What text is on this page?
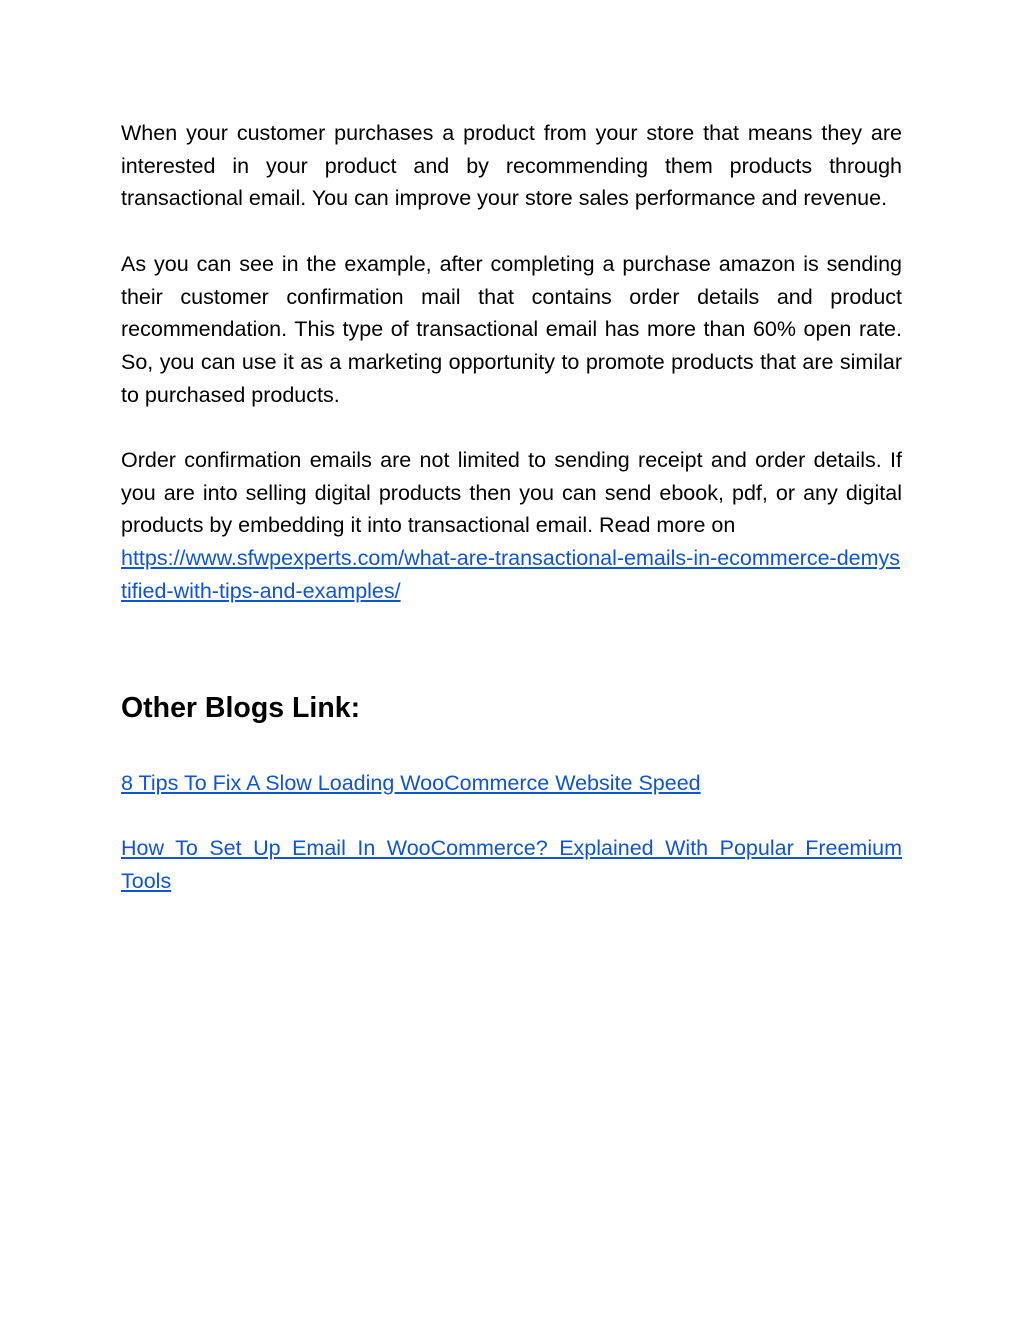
When your customer purchases a product from your store that means they are interested in your product and by recommending them products through transactional email. You can improve your store sales performance and revenue.

As you can see in the example, after completing a purchase amazon is sending their customer confirmation mail that contains order details and product recommendation. This type of transactional email has more than 60% open rate. So, you can use it as a marketing opportunity to promote products that are similar to purchased products.

Order confirmation emails are not limited to sending receipt and order details. If you are into selling digital products then you can send ebook, pdf, or any digital products by embedding it into transactional email. Read more on

https://www.sfwpexperts.com/what-are-transactional-emails-in-ecommerce-demystified-with-tips-and-examples/
Other Blogs Link:

8 Tips To Fix A Slow Loading WooCommerce Website Speed

How To Set Up Email In WooCommerce? Explained With Popular Freemium Tools
